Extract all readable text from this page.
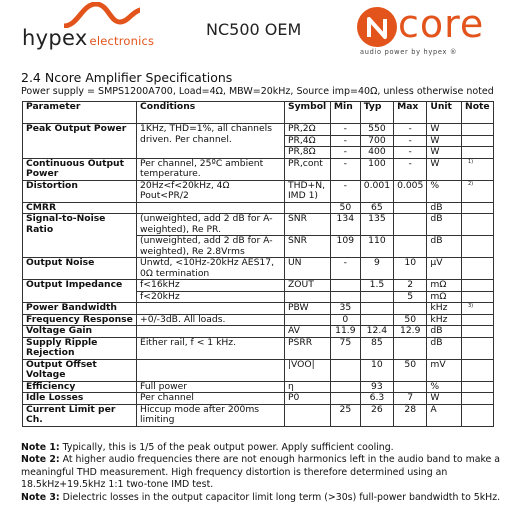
hypex electronics
NC500 OEM	core
audio power by hypex ®
2.4 Ncore Amplifier Specifications
Power supply = SMPS1200A700, Load=4Ω, MBW=20kHz, Source imp=40Ω, unless otherwise noted
Parameter	Conditions	Symbol	Min	Typ	Max	Unit	Note
Peak Output Power	1KHz, THD=1%, all channels driven. Per channel.	PR,2Ω	-	550	-	W	
		PR,4Ω	-	700	-	W	
		PR,8Ω	-	400	-	W	
Continuous Output Power	Per channel, 25ºC ambient temperature.	PR,cont	-	100	-	W	1)
Distortion	20Hz<f<20kHz, 4Ω Pout<PR/2	THD+N, IMD 1)	-	0.001	0.005	%	2)
CMRR			50	65		dB	
Signal-to-Noise Ratio	(unweighted, add 2 dB for A-weighted), Re PR.	SNR	134	135		dB	
	(unweighted, add 2 dB for A-weighted), Re 2.8Vrms	SNR	109	110		dB	
Output Noise	Unwtd, <10Hz-20kHz AES17, 0Ω termination	UN	-	9	10	µV	
Output Impedance	f<16kHz	ZOUT		1.5	2	mΩ	
	f<20kHz				5	mΩ	
Power Bandwidth		PBW	35			kHz	3)
Frequency Response	+0/-3dB. All loads.		0		50	kHz	
Voltage Gain		AV	11.9	12.4	12.9	dB	
Supply Ripple Rejection	Either rail, f < 1 kHz.	PSRR	75	85		dB	
Output Offset Voltage		|VOO|		10	50	mV	
Efficiency	Full power	η		93		%	
Idle Losses	Per channel	P0		6.3	7	W	
Current Limit per Ch.	Hiccup mode after 200ms limiting		25	26	28	A	
Note 1: Typically, this is 1/5 of the peak output power. Apply sufficient cooling.
Note 2: At higher audio frequencies there are not enough harmonics left in the audio band to make a meaningful THD measurement. High frequency distortion is therefore determined using an 18.5kHz+19.5kHz 1:1 two-tone IMD test.
Note 3: Dielectric losses in the output capacitor limit long term (>30s) full-power bandwidth to 5kHz.
